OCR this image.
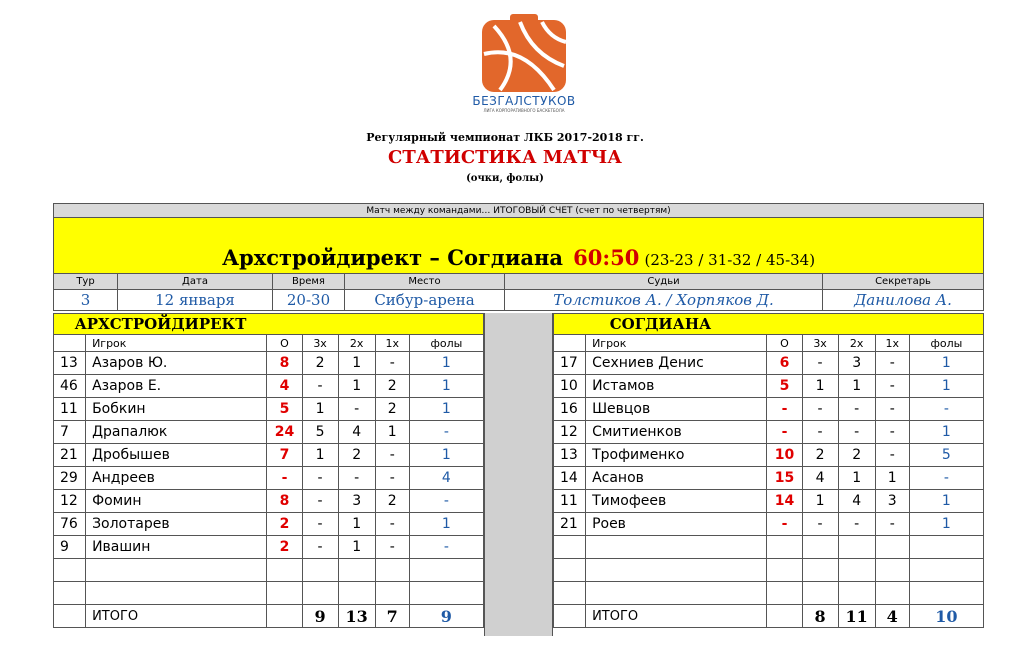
БЕЗГАЛСТУКОВ
ЛИГА КОРПОРАТИВНОГО БАСКЕТБОЛА
Регулярный чемпионат ЛКБ 2017-2018 гг.
СТАТИСТИКА МАТЧА
(очки, фолы)
Матч между командами… ИТОГОВЫЙ СЧЕТ (счет по четвертям)					
Архстройдирект – Согдиана 60:50 (23-23 / 31-32 / 45-34)					
Тур	Дата	Время	Место	Судьи	Секретарь
3	12 января	20-30	Сибур-арена	Толстиков А. / Хорпяков Д.	Данилова А.
АРХСТРОЙДИРЕКТ						
	Игрок	О	3х	2х	1х	фолы
13	Азаров Ю.	8	2	1	-	1
46	Азаров Е.	4	-	1	2	1
11	Бобкин	5	1	-	2	1
7	Драпалюк	24	5	4	1	-
21	Дробышев	7	1	2	-	1
29	Андреев	-	-	-	-	4
12	Фомин	8	-	3	2	-
76	Золотарев	2	-	1	-	1
9	Ивашин	2	-	1	-	-

	ИТОГО		9	13	7	9
СОГДИАНА						
	Игрок	О	3х	2х	1х	фолы
17	Сехниев Денис	6	-	3	-	1
10	Истамов	5	1	1	-	1
16	Шевцов	-	-	-	-	-
12	Смитиенков	-	-	-	-	1
13	Трофименко	10	2	2	-	5
14	Асанов	15	4	1	1	-
11	Тимофеев	14	1	4	3	1
21	Роев	-	-	-	-	1

	ИТОГО		8	11	4	10
